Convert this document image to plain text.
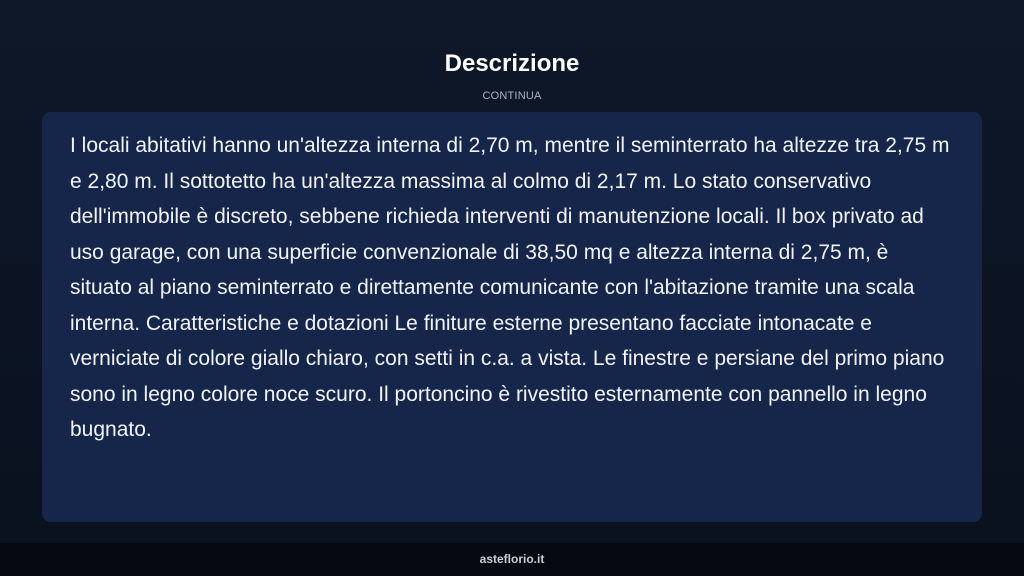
Descrizione
CONTINUA

I locali abitativi hanno un'altezza interna di 2,70 m, mentre il seminterrato ha altezze tra 2,75 m e 2,80 m. Il sottotetto ha un'altezza massima al colmo di 2,17 m. Lo stato conservativo dell'immobile è discreto, sebbene richieda interventi di manutenzione locali. Il box privato ad uso garage, con una superficie convenzionale di 38,50 mq e altezza interna di 2,75 m, è situato al piano seminterrato e direttamente comunicante con l'abitazione tramite una scala interna. Caratteristiche e dotazioni Le finiture esterne presentano facciate intonacate e verniciate di colore giallo chiaro, con setti in c.a. a vista. Le finestre e persiane del primo piano sono in legno colore noce scuro. Il portoncino è rivestito esternamente con pannello in legno bugnato.

asteflorio.it
